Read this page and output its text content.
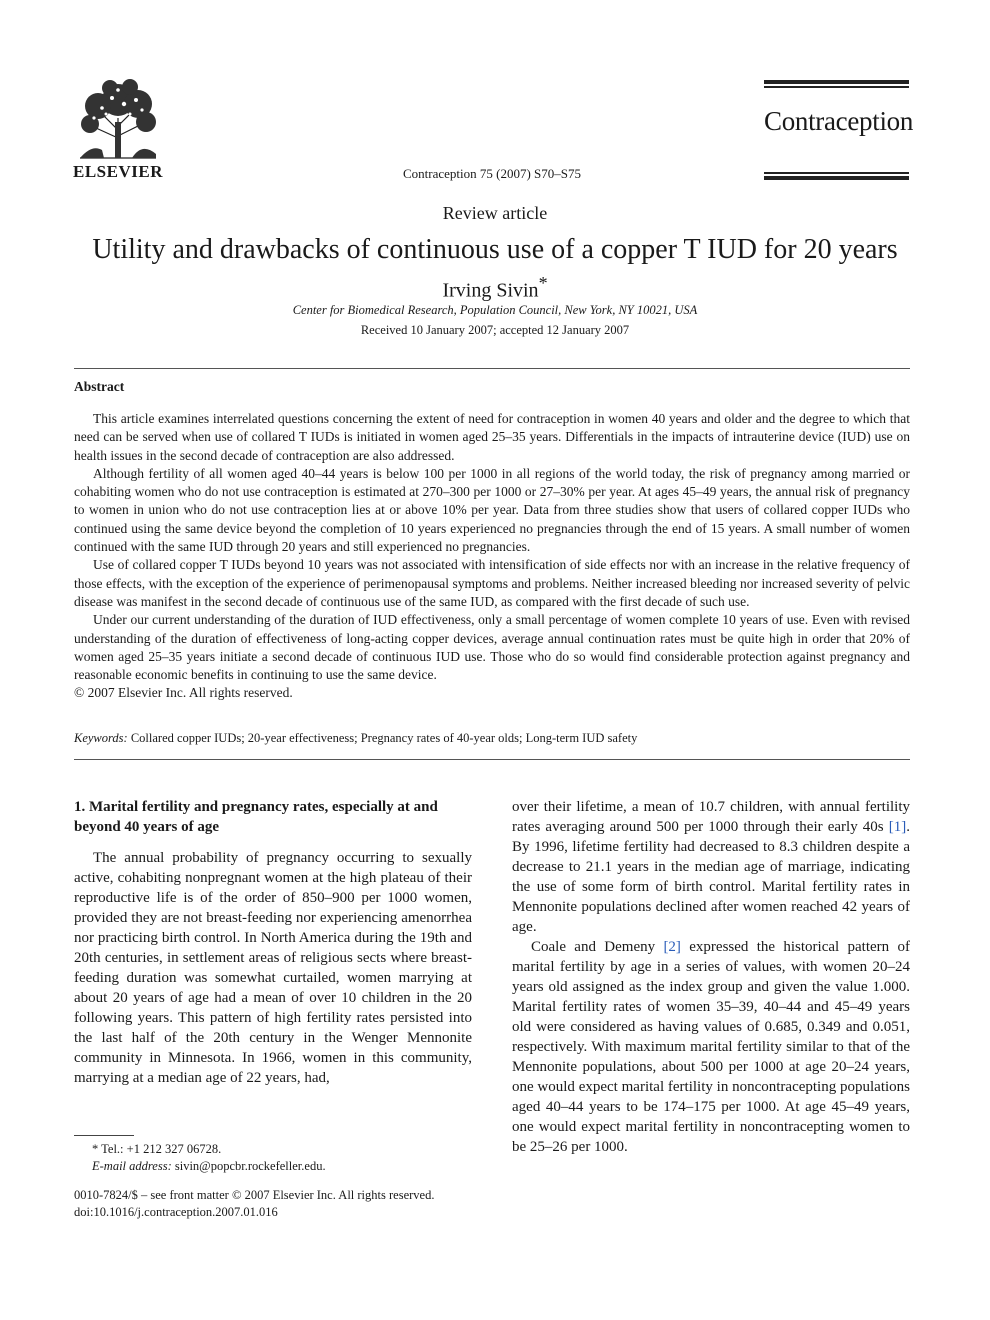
ELSEVIER
Contraception
Contraception 75 (2007) S70–S75
Review article
Utility and drawbacks of continuous use of a copper T IUD for 20 years
Irving Sivin*
Center for Biomedical Research, Population Council, New York, NY 10021, USA
Received 10 January 2007; accepted 12 January 2007
Abstract

This article examines interrelated questions concerning the extent of need for contraception in women 40 years and older and the degree to which that need can be served when use of collared T IUDs is initiated in women aged 25–35 years. Differentials in the impacts of intrauterine device (IUD) use on health issues in the second decade of contraception are also addressed.

Although fertility of all women aged 40–44 years is below 100 per 1000 in all regions of the world today, the risk of pregnancy among married or cohabiting women who do not use contraception is estimated at 270–300 per 1000 or 27–30% per year. At ages 45–49 years, the annual risk of pregnancy to women in union who do not use contraception lies at or above 10% per year. Data from three studies show that users of collared copper IUDs who continued using the same device beyond the completion of 10 years experienced no pregnancies through the end of 15 years. A small number of women continued with the same IUD through 20 years and still experienced no pregnancies.

Use of collared copper T IUDs beyond 10 years was not associated with intensification of side effects nor with an increase in the relative frequency of those effects, with the exception of the experience of perimenopausal symptoms and problems. Neither increased bleeding nor increased severity of pelvic disease was manifest in the second decade of continuous use of the same IUD, as compared with the first decade of such use.

Under our current understanding of the duration of IUD effectiveness, only a small percentage of women complete 10 years of use. Even with revised understanding of the duration of effectiveness of long-acting copper devices, average annual continuation rates must be quite high in order that 20% of women aged 25–35 years initiate a second decade of continuous IUD use. Those who do so would find considerable protection against pregnancy and reasonable economic benefits in continuing to use the same device.

© 2007 Elsevier Inc. All rights reserved.

Keywords: Collared copper IUDs; 20-year effectiveness; Pregnancy rates of 40-year olds; Long-term IUD safety
1. Marital fertility and pregnancy rates, especially at and beyond 40 years of age

The annual probability of pregnancy occurring to sexually active, cohabiting nonpregnant women at the high plateau of their reproductive life is of the order of 850–900 per 1000 women, provided they are not breast-feeding nor experiencing amenorrhea nor practicing birth control. In North America during the 19th and 20th centuries, in settlement areas of religious sects where breast-feeding duration was somewhat curtailed, women marrying at about 20 years of age had a mean of over 10 children in the 20 following years. This pattern of high fertility rates persisted into the last half of the 20th century in the Wenger Mennonite community in Minnesota. In 1966, women in this community, marrying at a median age of 22 years, had,

over their lifetime, a mean of 10.7 children, with annual fertility rates averaging around 500 per 1000 through their early 40s [1]. By 1996, lifetime fertility had decreased to 8.3 children despite a decrease to 21.1 years in the median age of marriage, indicating the use of some form of birth control. Marital fertility rates in Mennonite populations declined after women reached 42 years of age.

Coale and Demeny [2] expressed the historical pattern of marital fertility by age in a series of values, with women 20–24 years old assigned as the index group and given the value 1.000. Marital fertility rates of women 35–39, 40–44 and 45–49 years old were considered as having values of 0.685, 0.349 and 0.051, respectively. With maximum marital fertility similar to that of the Mennonite populations, about 500 per 1000 at age 20–24 years, one would expect marital fertility in noncontracepting populations aged 40–44 years to be 174–175 per 1000. At age 45–49 years, one would expect marital fertility in noncontracepting women to be 25–26 per 1000.

* Tel.: +1 212 327 06728.
E-mail address: sivin@popcbr.rockefeller.edu.
0010-7824/$ – see front matter © 2007 Elsevier Inc. All rights reserved.
doi:10.1016/j.contraception.2007.01.016
